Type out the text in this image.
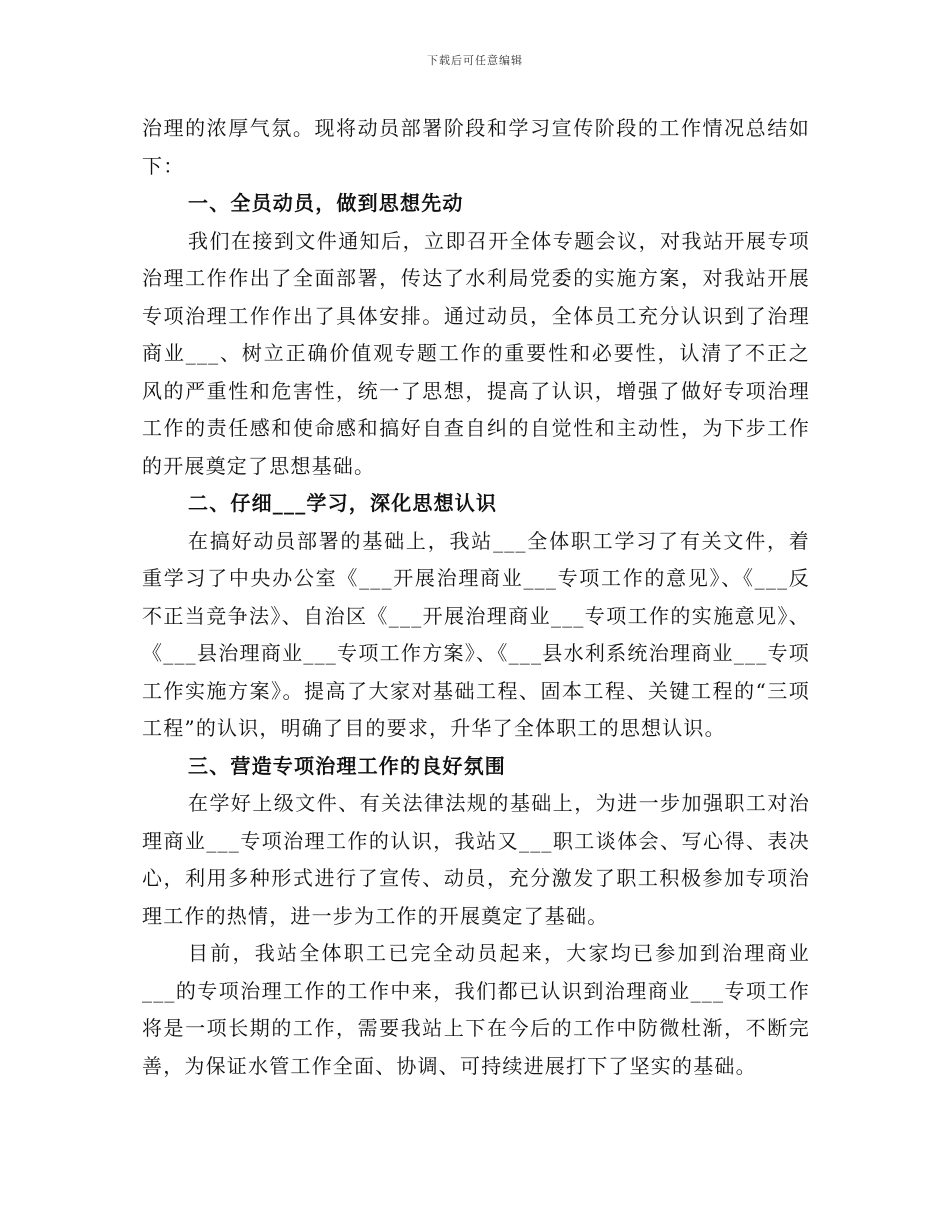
下载后可任意编辑

治理的浓厚气氛。现将动员部署阶段和学习宣传阶段的工作情况总结如下：

一、全员动员，做到思想先动

我们在接到文件通知后，立即召开全体专题会议，对我站开展专项治理工作作出了全面部署，传达了水利局党委的实施方案，对我站开展专项治理工作作出了具体安排。通过动员，全体员工充分认识到了治理商业___、树立正确价值观专题工作的重要性和必要性，认清了不正之风的严重性和危害性，统一了思想，提高了认识，增强了做好专项治理工作的责任感和使命感和搞好自查自纠的自觉性和主动性，为下步工作的开展奠定了思想基础。

二、仔细___学习，深化思想认识

在搞好动员部署的基础上，我站___全体职工学习了有关文件，着重学习了中央办公室《___开展治理商业___专项工作的意见》、《___反不正当竞争法》、自治区《___开展治理商业___专项工作的实施意见》、《___县治理商业___专项工作方案》、《___县水利系统治理商业___专项工作实施方案》。提高了大家对基础工程、固本工程、关键工程的“三项工程”的认识，明确了目的要求，升华了全体职工的思想认识。

三、营造专项治理工作的良好氛围

在学好上级文件、有关法律法规的基础上，为进一步加强职工对治理商业___专项治理工作的认识，我站又___职工谈体会、写心得、表决心，利用多种形式进行了宣传、动员，充分激发了职工积极参加专项治理工作的热情，进一步为工作的开展奠定了基础。

目前，我站全体职工已完全动员起来，大家均已参加到治理商业___的专项治理工作的工作中来，我们都已认识到治理商业___专项工作将是一项长期的工作，需要我站上下在今后的工作中防微杜渐，不断完善，为保证水管工作全面、协调、可持续进展打下了坚实的基础。
